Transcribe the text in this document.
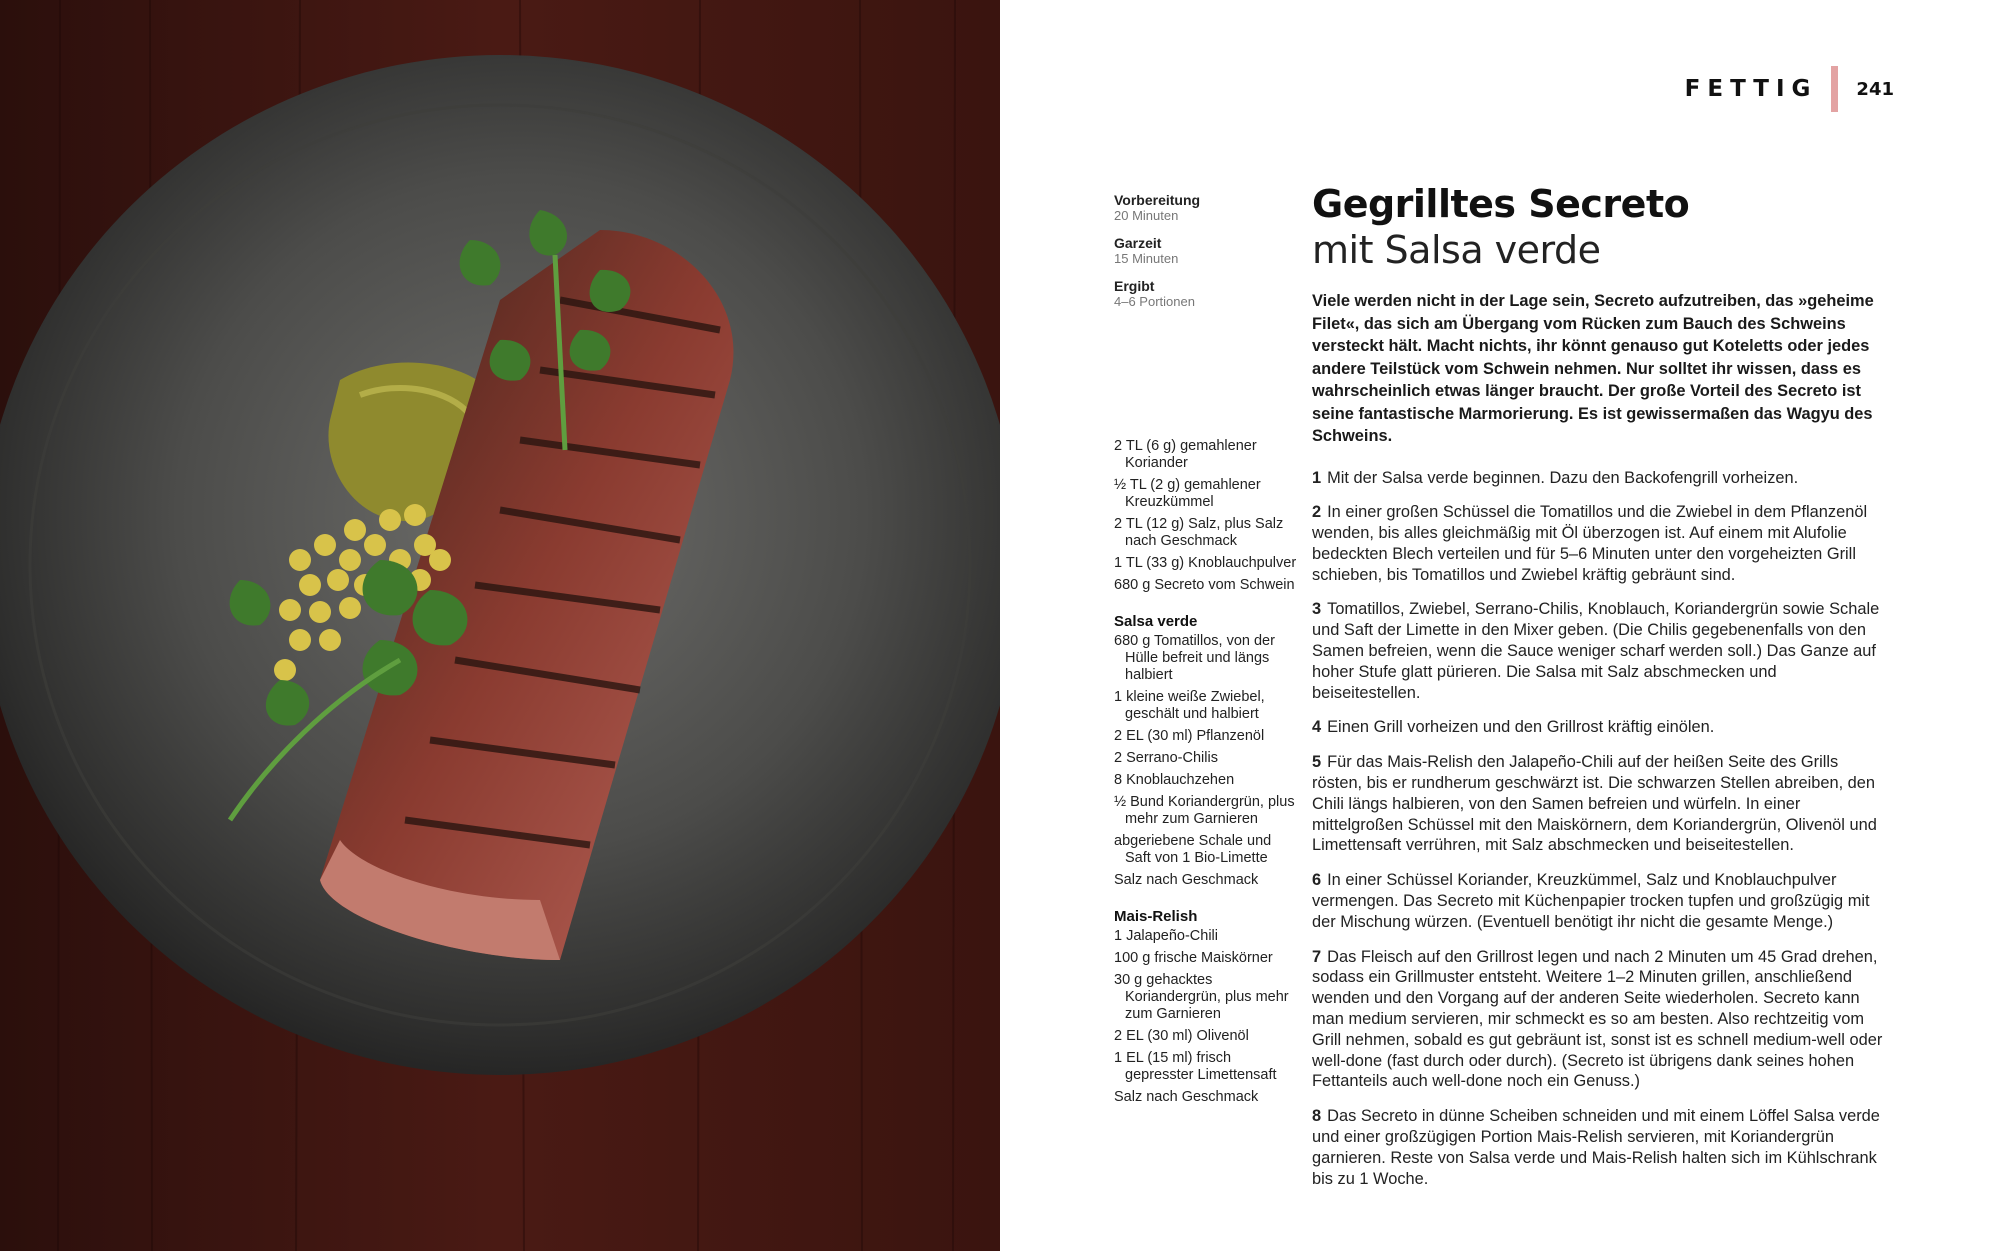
FETTIG 241
Vorbereitung
20 Minuten
Garzeit
15 Minuten
Ergibt
4–6 Portionen
2 TL (6 g) gemahlener Koriander
½ TL (2 g) gemahlener Kreuzkümmel
2 TL (12 g) Salz, plus Salz nach Geschmack
1 TL (33 g) Knoblauchpulver
680 g Secreto vom Schwein
Salsa verde
680 g Tomatillos, von der Hülle befreit und längs halbiert
1 kleine weiße Zwiebel, geschält und halbiert
2 EL (30 ml) Pflanzenöl
2 Serrano-Chilis
8 Knoblauchzehen
½ Bund Koriandergrün, plus mehr zum Garnieren
abgeriebene Schale und Saft von 1 Bio-Limette
Salz nach Geschmack
Mais-Relish
1 Jalapeño-Chili
100 g frische Maiskörner
30 g gehacktes Koriandergrün, plus mehr zum Garnieren
2 EL (30 ml) Olivenöl
1 EL (15 ml) frisch gepresster Limettensaft
Salz nach Geschmack
Gegrilltes Secreto
mit Salsa verde

Viele werden nicht in der Lage sein, Secreto aufzutreiben, das »geheime Filet«, das sich am Übergang vom Rücken zum Bauch des Schweins versteckt hält. Macht nichts, ihr könnt genauso gut Koteletts oder jedes andere Teilstück vom Schwein nehmen. Nur solltet ihr wissen, dass es wahrscheinlich etwas länger braucht. Der große Vorteil des Secreto ist seine fantastische Marmorierung. Es ist gewissermaßen das Wagyu des Schweins.

1 Mit der Salsa verde beginnen. Dazu den Backofengrill vorheizen.

2 In einer großen Schüssel die Tomatillos und die Zwiebel in dem Pflanzenöl wenden, bis alles gleichmäßig mit Öl überzogen ist. Auf einem mit Alufolie bedeckten Blech verteilen und für 5–6 Minuten unter den vorgeheizten Grill schieben, bis Tomatillos und Zwiebel kräftig gebräunt sind.

3 Tomatillos, Zwiebel, Serrano-Chilis, Knoblauch, Koriandergrün sowie Schale und Saft der Limette in den Mixer geben. (Die Chilis gegebenenfalls von den Samen befreien, wenn die Sauce weniger scharf werden soll.) Das Ganze auf hoher Stufe glatt pürieren. Die Salsa mit Salz abschmecken und beiseitestellen.

4 Einen Grill vorheizen und den Grillrost kräftig einölen.

5 Für das Mais-Relish den Jalapeño-Chili auf der heißen Seite des Grills rösten, bis er rundherum geschwärzt ist. Die schwarzen Stellen abreiben, den Chili längs halbieren, von den Samen befreien und würfeln. In einer mittelgroßen Schüssel mit den Maiskörnern, dem Koriandergrün, Olivenöl und Limettensaft verrühren, mit Salz abschmecken und beiseitestellen.

6 In einer Schüssel Koriander, Kreuzkümmel, Salz und Knoblauchpulver vermengen. Das Secreto mit Küchenpapier trocken tupfen und großzügig mit der Mischung würzen. (Eventuell benötigt ihr nicht die gesamte Menge.)

7 Das Fleisch auf den Grillrost legen und nach 2 Minuten um 45 Grad drehen, sodass ein Grillmuster entsteht. Weitere 1–2 Minuten grillen, anschließend wenden und den Vorgang auf der anderen Seite wiederholen. Secreto kann man medium servieren, mir schmeckt es so am besten. Also rechtzeitig vom Grill nehmen, sobald es gut gebräunt ist, sonst ist es schnell medium-well oder well-done (fast durch oder durch). (Secreto ist übrigens dank seines hohen Fettanteils auch well-done noch ein Genuss.)

8 Das Secreto in dünne Scheiben schneiden und mit einem Löffel Salsa verde und einer großzügigen Portion Mais-Relish servieren, mit Koriandergrün garnieren. Reste von Salsa verde und Mais-Relish halten sich im Kühlschrank bis zu 1 Woche.
